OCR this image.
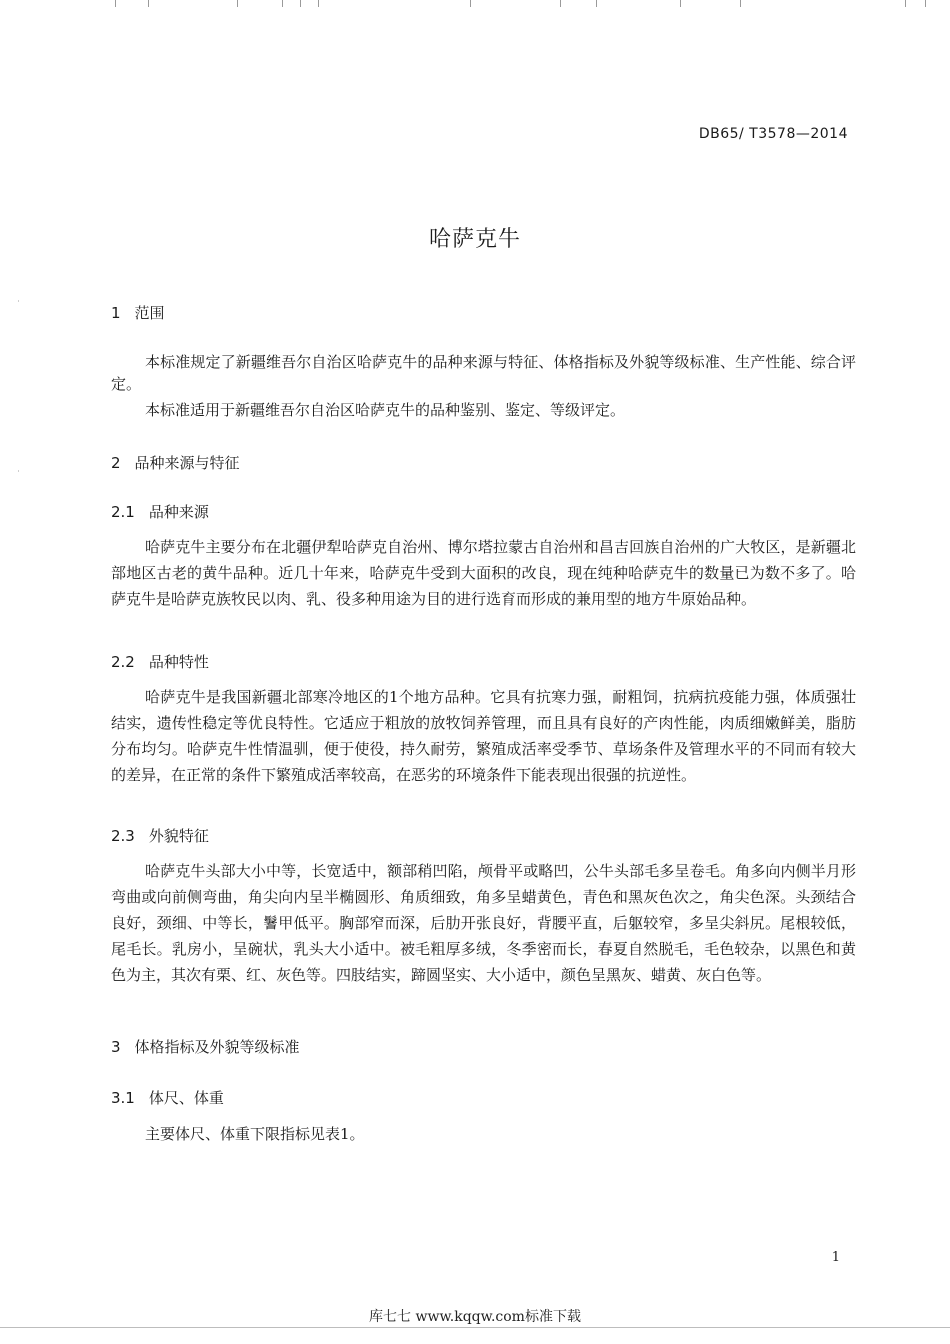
DB65/ T3578—2014
哈萨克牛
1 范围

本标准规定了新疆维吾尔自治区哈萨克牛的品种来源与特征、体格指标及外貌等级标准、生产性能、综合评定。

本标准适用于新疆维吾尔自治区哈萨克牛的品种鉴别、鉴定、等级评定。

2 品种来源与特征
2.1 品种来源

哈萨克牛主要分布在北疆伊犁哈萨克自治州、博尔塔拉蒙古自治州和昌吉回族自治州的广大牧区，是新疆北部地区古老的黄牛品种。近几十年来，哈萨克牛受到大面积的改良，现在纯种哈萨克牛的数量已为数不多了。哈萨克牛是哈萨克族牧民以肉、乳、役多种用途为目的进行选育而形成的兼用型的地方牛原始品种。

2.2 品种特性

哈萨克牛是我国新疆北部寒冷地区的1个地方品种。它具有抗寒力强，耐粗饲，抗病抗疫能力强，体质强壮结实，遗传性稳定等优良特性。它适应于粗放的放牧饲养管理，而且具有良好的产肉性能，肉质细嫩鲜美，脂肪分布均匀。哈萨克牛性情温驯，便于使役，持久耐劳，繁殖成活率受季节、草场条件及管理水平的不同而有较大的差异，在正常的条件下繁殖成活率较高，在恶劣的环境条件下能表现出很强的抗逆性。

2.3 外貌特征

哈萨克牛头部大小中等，长宽适中，额部稍凹陷，颅骨平或略凹，公牛头部毛多呈卷毛。角多向内侧半月形弯曲或向前侧弯曲，角尖向内呈半椭圆形、角质细致，角多呈蜡黄色，青色和黑灰色次之，角尖色深。头颈结合良好，颈细、中等长，鬐甲低平。胸部窄而深，后肋开张良好，背腰平直，后躯较窄，多呈尖斜尻。尾根较低，尾毛长。乳房小，呈碗状，乳头大小适中。被毛粗厚多绒，冬季密而长，春夏自然脱毛，毛色较杂，以黑色和黄色为主，其次有栗、红、灰色等。四肢结实，蹄圆坚实、大小适中，颜色呈黑灰、蜡黄、灰白色等。

3 体格指标及外貌等级标准
3.1 体尺、体重

主要体尺、体重下限指标见表1。

1
库七七 www.kqqw.com标准下载
